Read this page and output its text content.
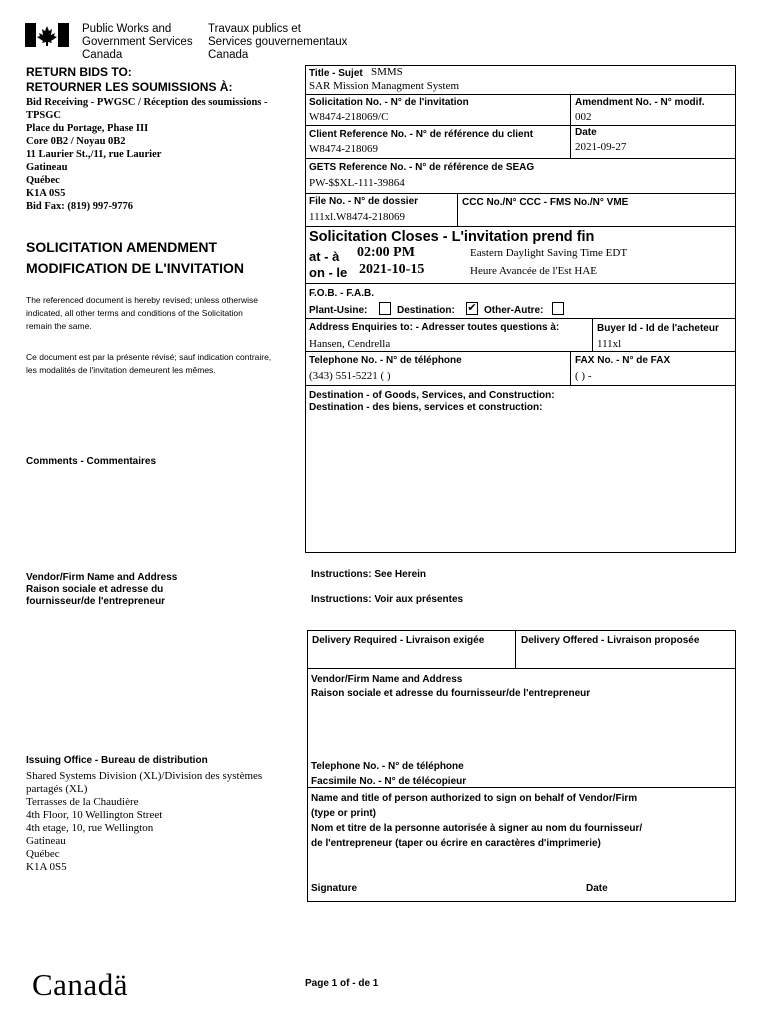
Public Works and
Government Services
Canada
Travaux publics et
Services gouvernementaux
Canada
RETURN BIDS TO:
RETOURNER LES SOUMISSIONS À:
Bid Receiving - PWGSC / Réception des soumissions -
TPSGC
Place du Portage, Phase III
Core 0B2 / Noyau 0B2
11 Laurier St.,/11, rue Laurier
Gatineau
Québec
K1A 0S5
Bid Fax: (819) 997-9776
SOLICITATION AMENDMENT
MODIFICATION DE L'INVITATION
The referenced document is hereby revised; unless otherwise
indicated, all other terms and conditions of the Solicitation
remain the same.
Ce document est par la présente révisé; sauf indication contraire,
les modalités de l'invitation demeurent les mêmes.
Comments - Commentaires
Vendor/Firm Name and Address
Raison sociale et adresse du
fournisseur/de l'entrepreneur
Issuing Office - Bureau de distribution
Shared Systems Division (XL)/Division des systèmes
partagés (XL)
Terrasses de la Chaudière
4th Floor, 10 Wellington Street
4th etage, 10, rue Wellington
Gatineau
Québec
K1A 0S5
Title - Sujet SMMS
SAR Mission Managment System
Solicitation No. - N° de l'invitation
W8474-218069/C
Amendment No. - N° modif.
002
Client Reference No. - N° de référence du client
W8474-218069
Date
2021-09-27
GETS Reference No. - N° de référence de SEAG
PW-$$XL-111-39864
File No. - N° de dossier
111xl.W8474-218069
CCC No./N° CCC - FMS No./N° VME
Solicitation Closes - L'invitation prend fin
at - à 02:00 PM
on - le 2021-10-15
Eastern Daylight Saving Time EDT
Heure Avancée de l'Est HAE
F.O.B. - F.A.B.
Plant-Usine:	Destination: ✔ Other-Autre:
Address Enquiries to: - Adresser toutes questions à:
Hansen, Cendrella
Buyer Id - Id de l'acheteur
111xl
Telephone No. - N° de téléphone
(343) 551-5221 ( )
FAX No. - N° de FAX
( ) -
Destination - of Goods, Services, and Construction:
Destination - des biens, services et construction:
Instructions: See Herein
Instructions: Voir aux présentes
Delivery Required - Livraison exigée	Delivery Offered - Livraison proposée
Vendor/Firm Name and Address
Raison sociale et adresse du fournisseur/de l'entrepreneur
Telephone No. - N° de téléphone
Facsimile No. - N° de télécopieur
Name and title of person authorized to sign on behalf of Vendor/Firm
(type or print)
Nom et titre de la personne autorisée à signer au nom du fournisseur/
de l'entrepreneur (taper ou écrire en caractères d'imprimerie)
Signature	Date
Canadä	Page 1 of - de 1
